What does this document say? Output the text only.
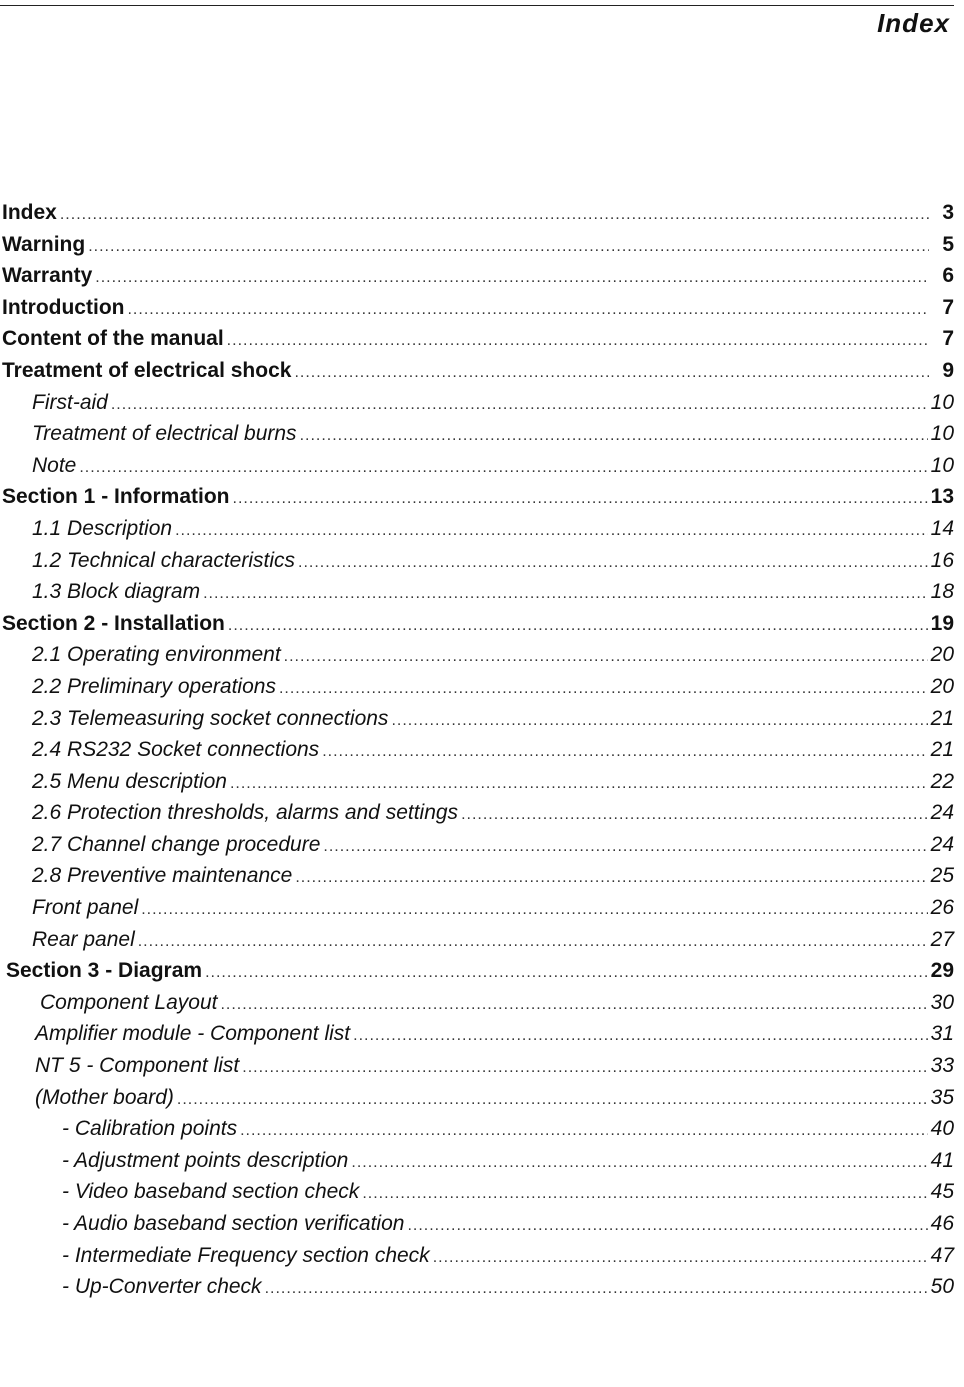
Index
Index .....	3
Warning .....	5
Warranty .....	6
Introduction .....	7
Content of the manual .....	7
Treatment of electrical shock .....	9
First-aid .....	10
Treatment of electrical burns .....	10
Note .....	10
Section 1 - Information .....	13
1.1 Description .....	14
1.2 Technical characteristics .....	16
1.3 Block diagram .....	18
Section 2 - Installation .....	19
2.1 Operating environment .....	20
2.2 Preliminary operations .....	20
2.3 Telemeasuring socket connections .....	21
2.4 RS232 Socket connections .....	21
2.5 Menu description .....	22
2.6 Protection thresholds, alarms and settings .....	24
2.7 Channel change procedure .....	24
2.8 Preventive maintenance .....	25
Front panel .....	26
Rear panel .....	27
Section 3 - Diagram .....	29
Component Layout .....	30
Amplifier module - Component list .....	31
NT 5 - Component list .....	33
(Mother board) .....	35
- Calibration points .....	40
- Adjustment points description .....	41
- Video baseband section check .....	45
- Audio baseband section verification .....	46
- Intermediate Frequency section check .....	47
- Up-Converter check .....	50
